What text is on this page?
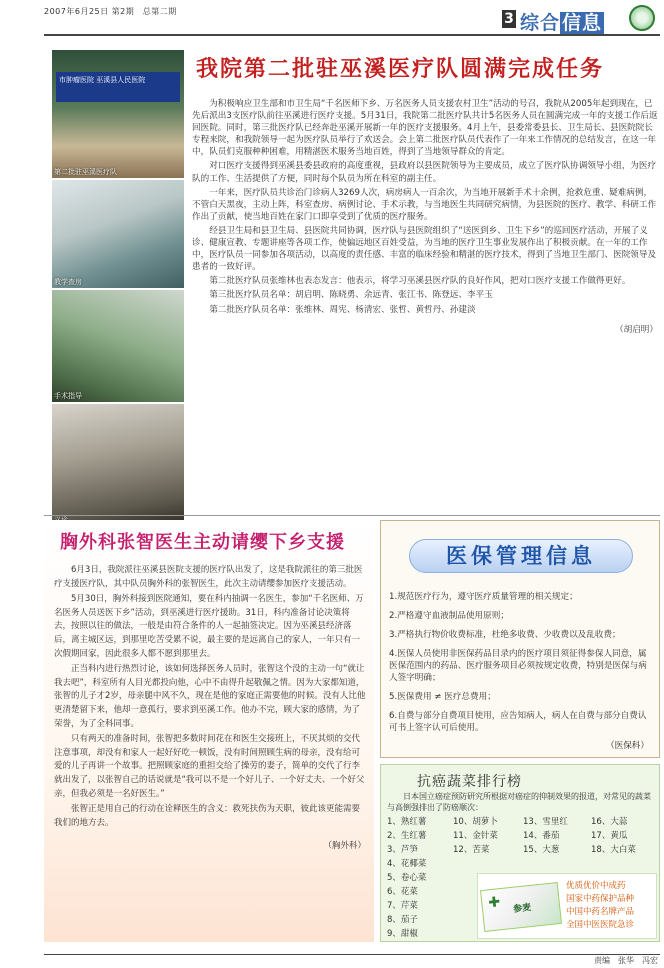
2007年6月25日 第2期　总第二期	3 综合 信息
我院第二批驻巫溪医疗队圆满完成任务
市肿瘤医院 巫溪县人民医院
第二批驻巫溪医疗队
教学查房
手术指导

为积极响应卫生部和市卫生局“千名医师下乡、万名医务人员支援农村卫生”活动的号召，我院从2005年起到现在，已先后派出3支医疗队前往巫溪进行医疗支援。5月31日，我院第二批医疗队共计5名医务人员在圆满完成一年的支援工作后返回医院。同时，第三批医疗队已经奔赴巫溪开展新一年的医疗支援服务。4月上午，县委常委县长、卫生局长、县医院院长专程来院，和我院领导一起为医疗队员举行了欢送会。会上第二批医疗队员代表作了一年来工作情况的总结发言，在这一年中，队员们克服种种困难，用精湛医术服务当地百姓，得到了当地领导群众的肯定。

对口医疗支援得到巫溪县委县政府的高度重视，县政府以县医院领导为主要成员，成立了医疗队协调领导小组，为医疗队的工作、生活提供了方便，同时每个队员为所在科室的副主任。

一年来，医疗队员共诊治门诊病人3269人次，病房病人一百余次，为当地开展新手术十余例，抢救危重、疑难病例，不管白天黑夜，主动上阵，科室查房、病例讨论、手术示教，与当地医生共同研究病情，为县医院的医疗、教学、科研工作作出了贡献，使当地百姓在家门口即享受到了优质的医疗服务。

经县卫生局和县卫生局、县医院共同协调，医疗队与县医院组织了“送医到乡、卫生下乡”的巡回医疗活动，开展了义诊、健康宣教、专题讲座等各项工作，使偏远地区百姓受益，为当地的医疗卫生事业发展作出了积极贡献。在一年的工作中，医疗队员一同参加各项活动，以高度的责任感、丰富的临床经验和精湛的医疗技术，得到了当地卫生部门、医院领导及患者的一致好评。

第二批医疗队员张维林也表态发言：他表示，将学习巫溪县医疗队的良好作风，把对口医疗支援工作做得更好。

第三批医疗队员名单：胡启明、陈晓勇、余远青、张江书、陈登远、李平玉

第二批医疗队员名单：张维林、周宪、杨清宏、张哲、黄哲丹、孙建淡

（胡启明）
胸外科张智医生主动请缨下乡支援

6月3日，我院派往巫溪县医院支援的医疗队出发了，这是我院派往的第三批医疗支援医疗队，其中队员胸外科的张智医生，此次主动请缨参加医疗支援活动。

5月30日，胸外科接到医院通知，要在科内抽调一名医生，参加“千名医师、万名医务人员送医下乡”活动，到巫溪进行医疗援助。31日，科内准备讨论决策将去，按照以往的做法，一般是由符合条件的人一起抽签决定。因为巫溪县经济落后，离主城区远，到那里吃苦受累不说，最主要的是远离自己的家人，一年只有一次假期回家，因此很多人都不愿到那里去。

正当科内进行热烈讨论，该如何选择医务人员时，张智这个没的主动一句“就让我去吧”，科室所有人目光都投向他，心中不由得升起敬佩之情。因为大家都知道，张智的儿子才2岁，母亲腿中风不久，现在是他的家庭正需要他的时候。没有人比他更清楚留下来，他却一意孤行，要求到巫溪工作。他办不完，顾大家的感情，为了荣誉，为了全科同事。

只有两天的准备时间，张智把多数时间花在和医生交接班上，不厌其烦的交代注意事项，却没有和家人一起好好吃一顿饭，没有时间照顾生病的母亲，没有给可爱的儿子再讲一个故事。把照顾家庭的重担交给了操劳的妻子，简单的交代了行李就出发了，以张智自己的话说就是“我可以不是一个好儿子、一个好丈夫、一个好父亲，但我必须是一名好医生。”

张智正是用自己的行动在诠释医生的含义：救死扶伤为天职，彼此该更能需要我们的地方去。

（胸外科）
医保管理信息
1.规范医疗行为，遵守医疗质量管理的相关规定；
2.严格遵守血液制品使用原则；
3.严格执行物价收费标准，杜绝多收费、少收费以及乱收费；
4.医保人员使用非医保药品目录内的医疗项目须征得参保人同意，属医保范围内的药品、医疗服务项目必须按规定收费，特别是医保与病人签字明确；
5.医保费用 ≠ 医疗总费用；
6.自费与部分自费项目使用，应告知病人，病人在自费与部分自费认可书上签字认可后使用。
（医保科）
抗癌蔬菜排行榜
日本国立癌症预防研究所根据对癌症的抑制效果的报道，对常见的蔬菜与高倒强排出了防癌顺次：
1、熟红薯	10、胡萝卜	13、雪里红	16、大蒜
2、生红薯	11、金针菜	14、番茄	17、黄瓜
3、芦笋	12、苦菜	15、大葱	18、大白菜
4、花椰菜
5、卷心菜
6、花菜
7、芹菜
8、茄子
9、甜椒
✚ 参麦
优质优价中成药
国家中药保护品种
中国中药名牌产品
全国中医医院急诊
责编　张华　冯宏
